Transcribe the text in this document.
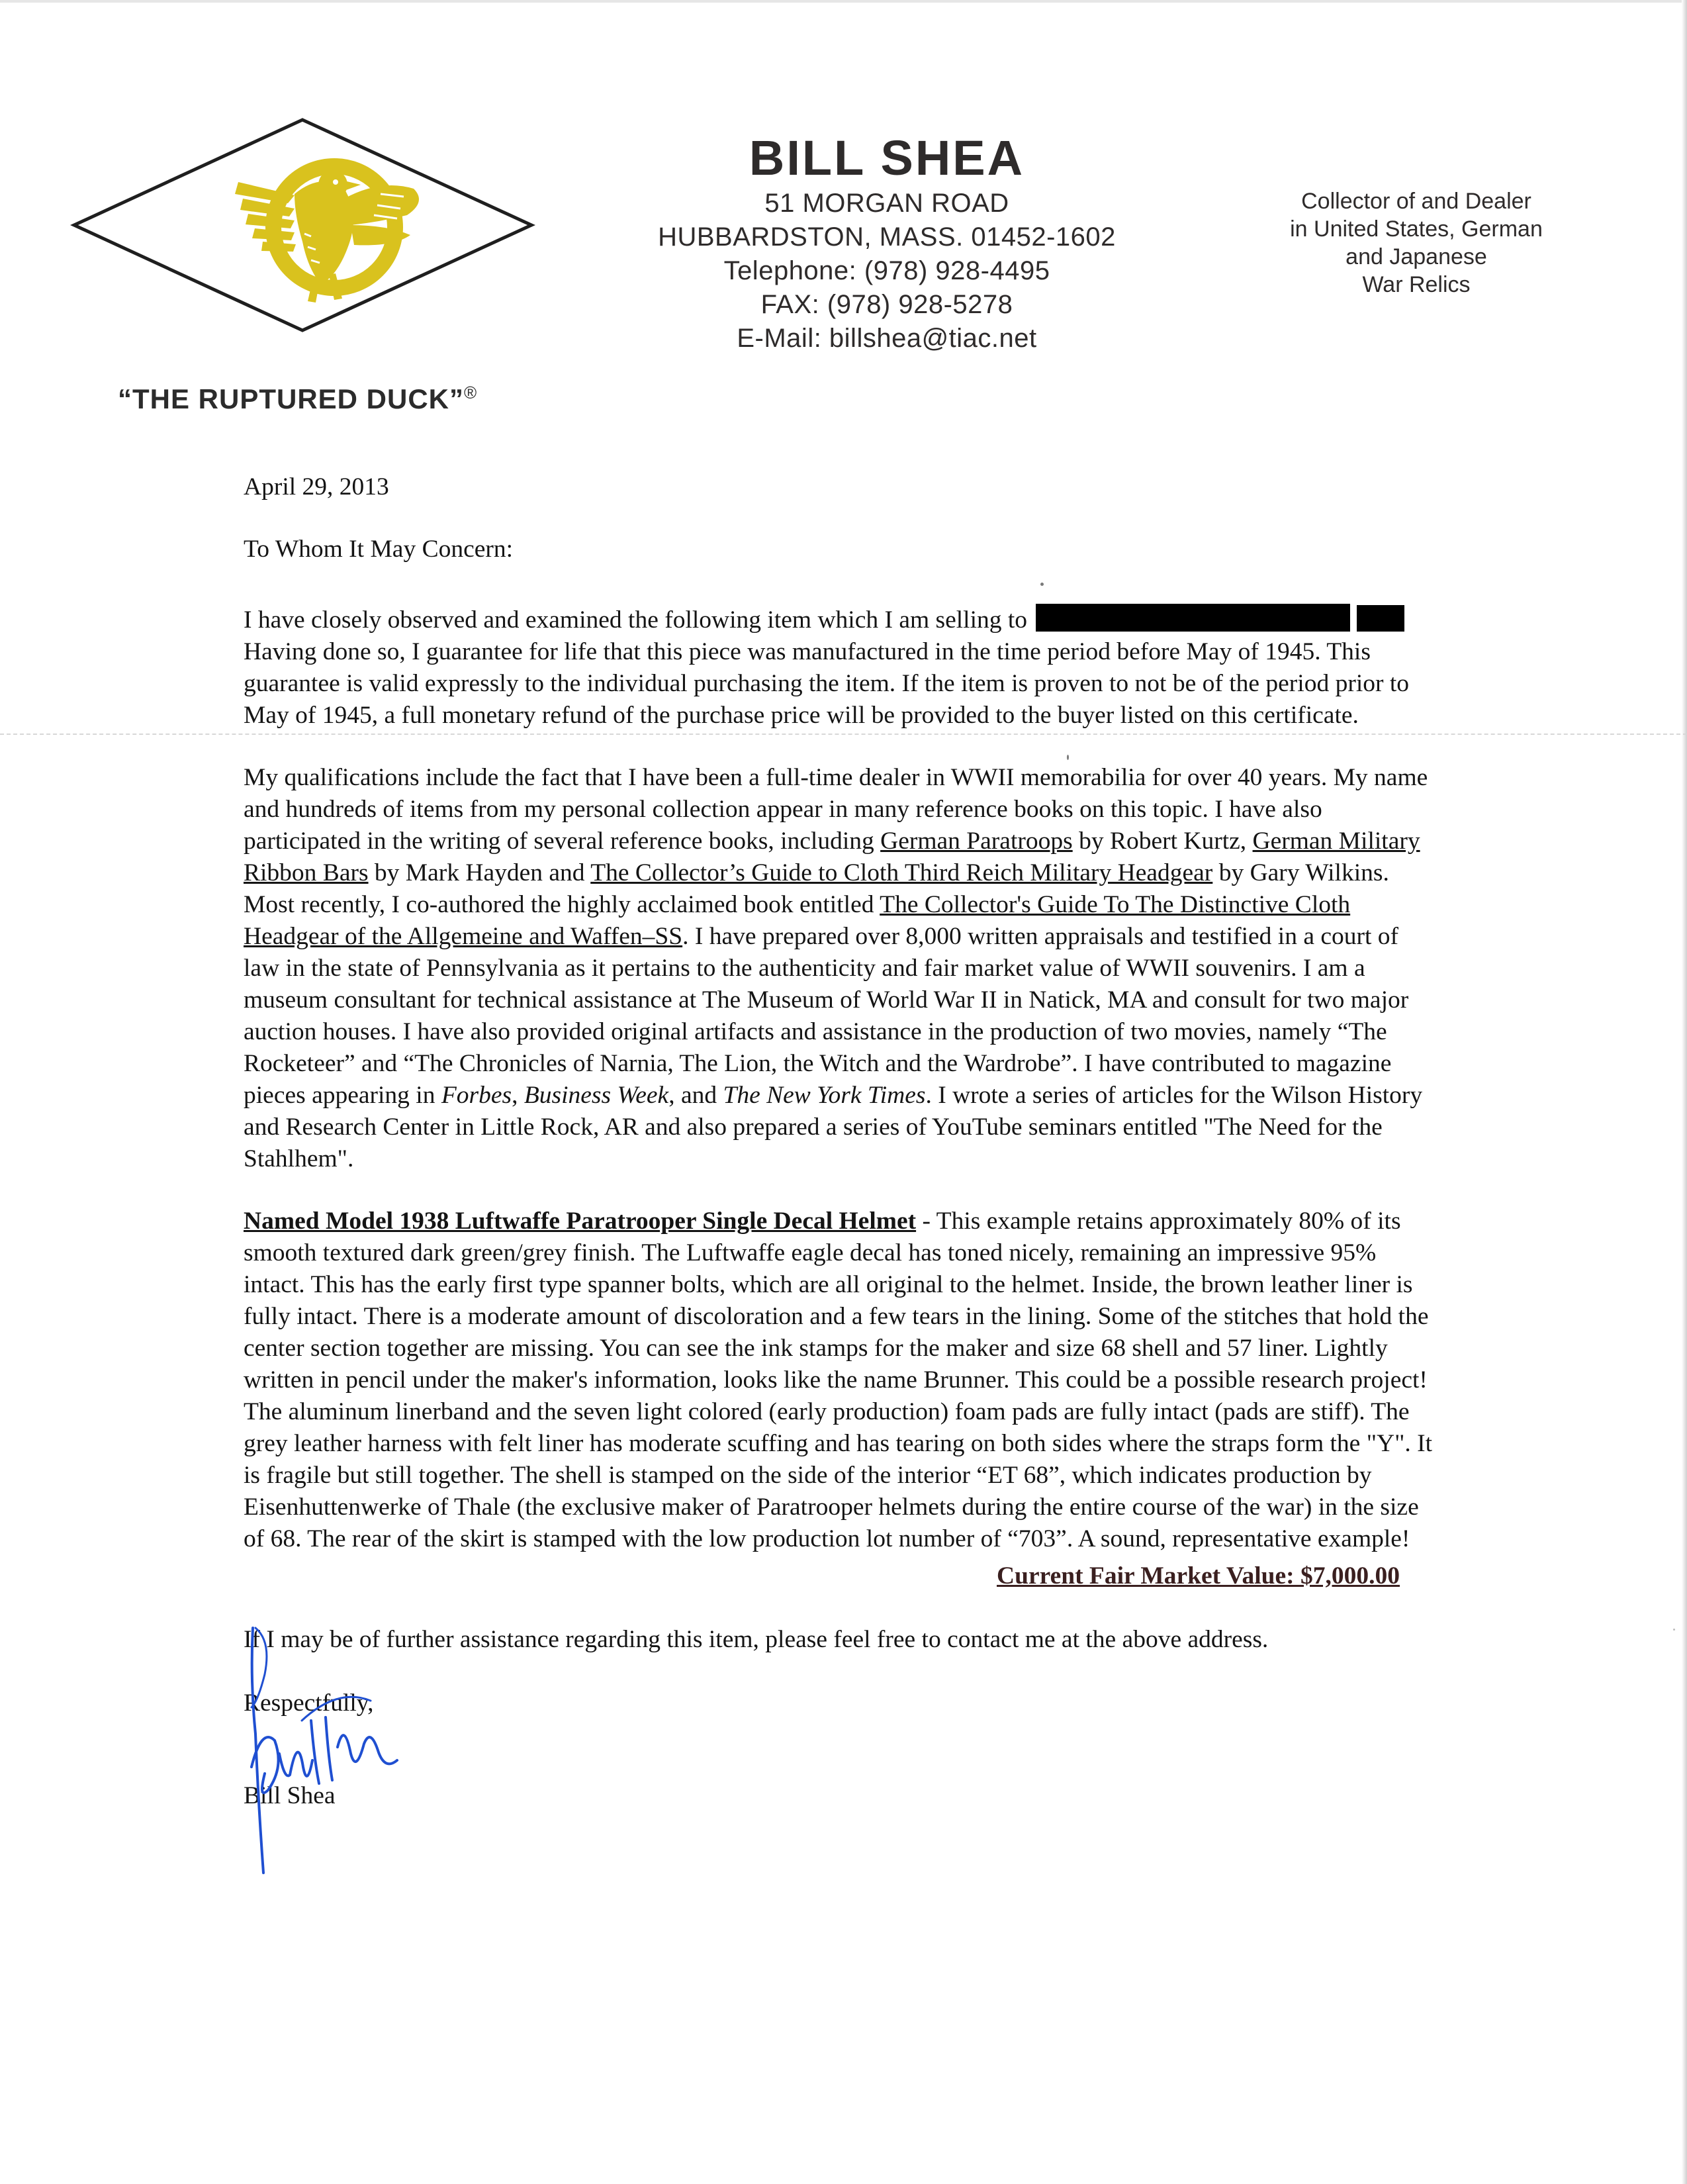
“THE RUPTURED DUCK”®
BILL SHEA
51 MORGAN ROAD
HUBBARDSTON, MASS. 01452-1602
Telephone: (978) 928-4495
FAX: (978) 928-5278
E-Mail: billshea@tiac.net
Collector of and Dealer
in United States, German
and Japanese
War Relics

April 29, 2013

To Whom It May Concern:

I have closely observed and examined the following item which I am selling to  Having done so, I guarantee for life that this piece was manufactured in the time period before May of 1945. This guarantee is valid expressly to the individual purchasing the item. If the item is proven to not be of the period prior to May of 1945, a full monetary refund of the purchase price will be provided to the buyer listed on this certificate.

My qualifications include the fact that I have been a full-time dealer in WWII memorabilia for over 40 years. My name and hundreds of items from my personal collection appear in many reference books on this topic. I have also participated in the writing of several reference books, including German Paratroops by Robert Kurtz, German Military Ribbon Bars by Mark Hayden and The Collector’s Guide to Cloth Third Reich Military Headgear by Gary Wilkins. Most recently, I co-authored the highly acclaimed book entitled The Collector's Guide To The Distinctive Cloth Headgear of the Allgemeine and Waffen–SS. I have prepared over 8,000 written appraisals and testified in a court of law in the state of Pennsylvania as it pertains to the authenticity and fair market value of WWII souvenirs. I am a museum consultant for technical assistance at The Museum of World War II in Natick, MA and consult for two major auction houses. I have also provided original artifacts and assistance in the production of two movies, namely “The Rocketeer” and “The Chronicles of Narnia, The Lion, the Witch and the Wardrobe”. I have contributed to magazine pieces appearing in Forbes, Business Week, and The New York Times. I wrote a series of articles for the Wilson History and Research Center in Little Rock, AR and also prepared a series of YouTube seminars entitled "The Need for the Stahlhem".

Named Model 1938 Luftwaffe Paratrooper Single Decal Helmet - This example retains approximately 80% of its smooth textured dark green/grey finish. The Luftwaffe eagle decal has toned nicely, remaining an impressive 95% intact. This has the early first type spanner bolts, which are all original to the helmet. Inside, the brown leather liner is fully intact. There is a moderate amount of discoloration and a few tears in the lining. Some of the stitches that hold the center section together are missing. You can see the ink stamps for the maker and size 68 shell and 57 liner. Lightly written in pencil under the maker's information, looks like the name Brunner. This could be a possible research project! The aluminum linerband and the seven light colored (early production) foam pads are fully intact (pads are stiff). The grey leather harness with felt liner has moderate scuffing and has tearing on both sides where the straps form the "Y". It is fragile but still together. The shell is stamped on the side of the interior “ET 68”, which indicates production by Eisenhuttenwerke of Thale (the exclusive maker of Paratrooper helmets during the entire course of the war) in the size of 68. The rear of the skirt is stamped with the low production lot number of “703”. A sound, representative example!

Current Fair Market Value: $7,000.00

If I may be of further assistance regarding this item, please feel free to contact me at the above address.

Respectfully,
Bill Shea
